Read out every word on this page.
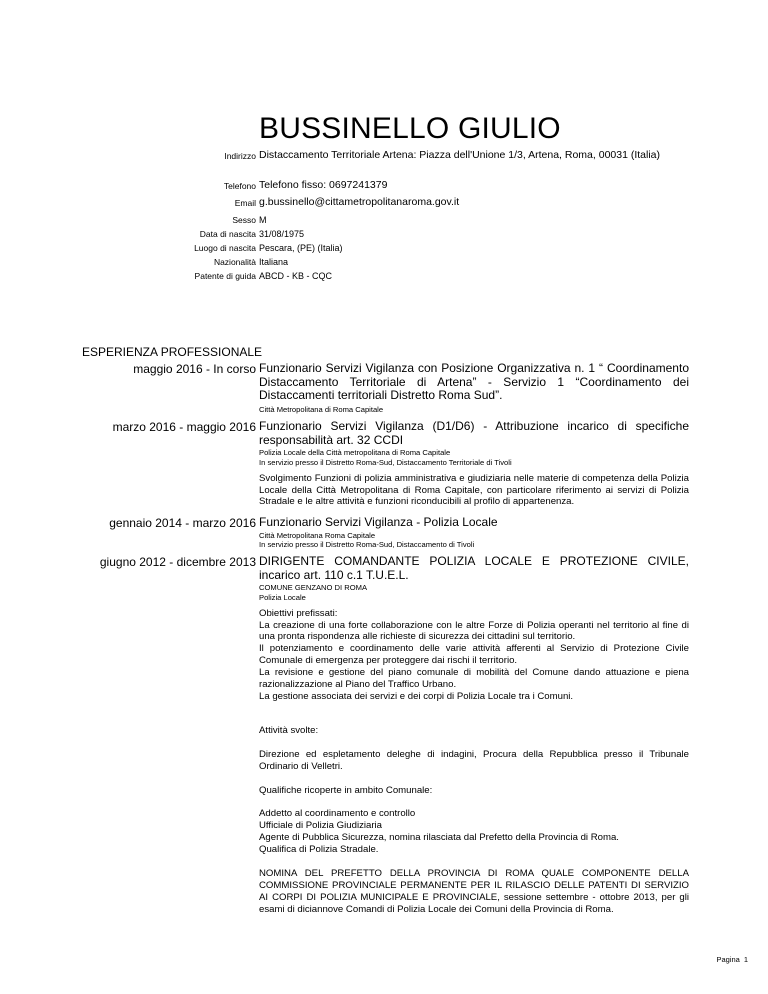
BUSSINELLO GIULIO
Indirizzo Distaccamento Territoriale Artena: Piazza dell'Unione 1/3, Artena, Roma, 00031 (Italia)
Telefono Telefono fisso: 0697241379
Email g.bussinello@cittametropolitanaroma.gov.it
Sesso M
Data di nascita 31/08/1975
Luogo di nascita Pescara, (PE) (Italia)
Nazionalità Italiana
Patente di guida ABCD - KB - CQC
ESPERIENZA PROFESSIONALE
maggio 2016 - In corso Funzionario Servizi Vigilanza con Posizione Organizzativa n. 1 “ Coordinamento Distaccamento Territoriale di Artena” - Servizio 1 “Coordinamento dei Distaccamenti territoriali Distretto Roma Sud”.

Città Metropolitana di Roma Capitale

marzo 2016 - maggio 2016 Funzionario Servizi Vigilanza (D1/D6) - Attribuzione incarico di specifiche responsabilità art. 32 CCDI

Polizia Locale della Città metropolitana di Roma Capitale

In servizio presso il Distretto Roma-Sud, Distaccamento Territoriale di Tivoli

Svolgimento Funzioni di polizia amministrativa e giudiziaria nelle materie di competenza della Polizia Locale della Città Metropolitana di Roma Capitale, con particolare riferimento ai servizi di Polizia Stradale e le altre attività e funzioni riconducibili al profilo di appartenenza.

gennaio 2014 - marzo 2016 Funzionario Servizi Vigilanza - Polizia Locale

Città Metropolitana Roma Capitale

In servizio presso il Distretto Roma-Sud, Distaccamento di Tivoli

giugno 2012 - dicembre 2013 DIRIGENTE COMANDANTE POLIZIA LOCALE E PROTEZIONE CIVILE, incarico art. 110 c.1 T.U.E.L.

COMUNE GENZANO DI ROMA

Polizia Locale

Obiettivi prefissati:

La creazione di una forte collaborazione con le altre Forze di Polizia operanti nel territorio al fine di una pronta rispondenza alle richieste di sicurezza dei cittadini sul territorio.

Il potenziamento e coordinamento delle varie attività afferenti al Servizio di Protezione Civile Comunale di emergenza per proteggere dai rischi il territorio.

La revisione e gestione del piano comunale di mobilità del Comune dando attuazione e piena razionalizzazione al Piano del Traffico Urbano.

La gestione associata dei servizi e dei corpi di Polizia Locale tra i Comuni.

Attività svolte:

Direzione ed espletamento deleghe di indagini, Procura della Repubblica presso il Tribunale Ordinario di Velletri.

Qualifiche ricoperte in ambito Comunale:

Addetto al coordinamento e controllo

Ufficiale di Polizia Giudiziaria

Agente di Pubblica Sicurezza, nomina rilasciata dal Prefetto della Provincia di Roma.

Qualifica di Polizia Stradale.

NOMINA DEL PREFETTO DELLA PROVINCIA DI ROMA QUALE COMPONENTE DELLA COMMISSIONE PROVINCIALE PERMANENTE PER IL RILASCIO DELLE PATENTI DI SERVIZIO AI CORPI DI POLIZIA MUNICIPALE E PROVINCIALE, sessione settembre - ottobre 2013, per gli esami di diciannove Comandi di Polizia Locale dei Comuni della Provincia di Roma.

Pagina 1
